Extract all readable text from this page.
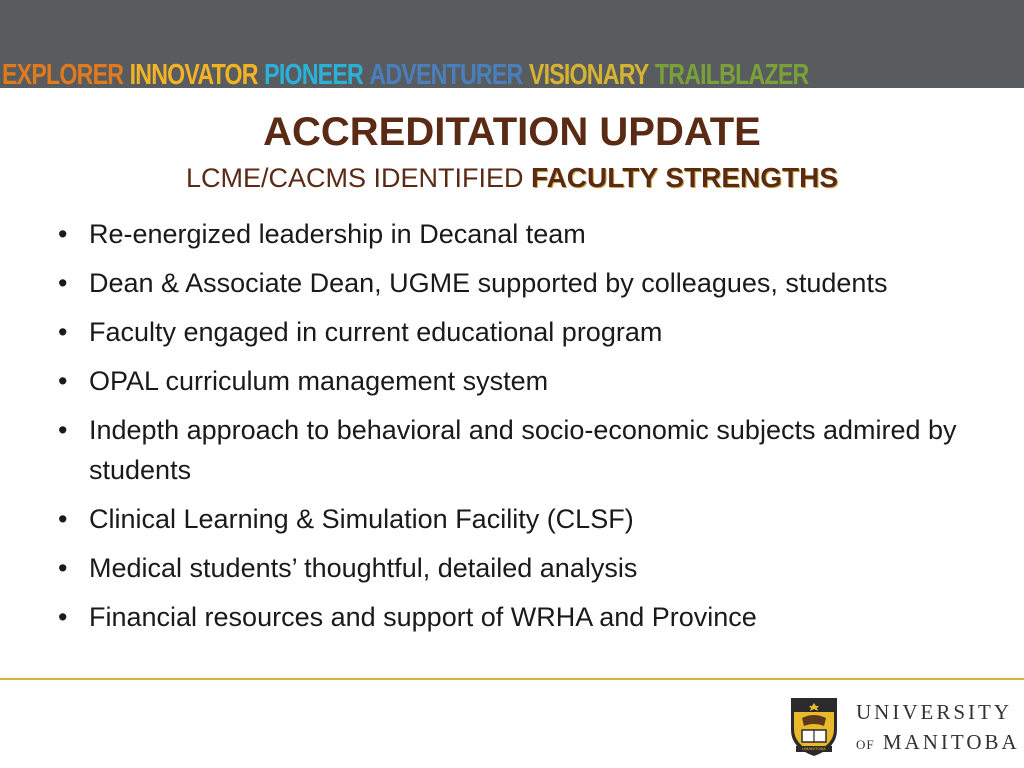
EXPLORER INNOVATOR PIONEER ADVENTURER VISIONARY TRAILBLAZER
ACCREDITATION UPDATE
LCME/CACMS IDENTIFIED FACULTY STRENGTHS
• Re-energized leadership in Decanal team
• Dean & Associate Dean, UGME supported by colleagues, students
• Faculty engaged in current educational program
• OPAL curriculum management system
• Indepth approach to behavioral and socio-economic subjects admired by students
• Clinical Learning & Simulation Facility (CLSF)
• Medical students’ thoughtful, detailed analysis
• Financial resources and support of WRHA and Province
UMANITOBA
UNIVERSITY
OF MANITOBA
